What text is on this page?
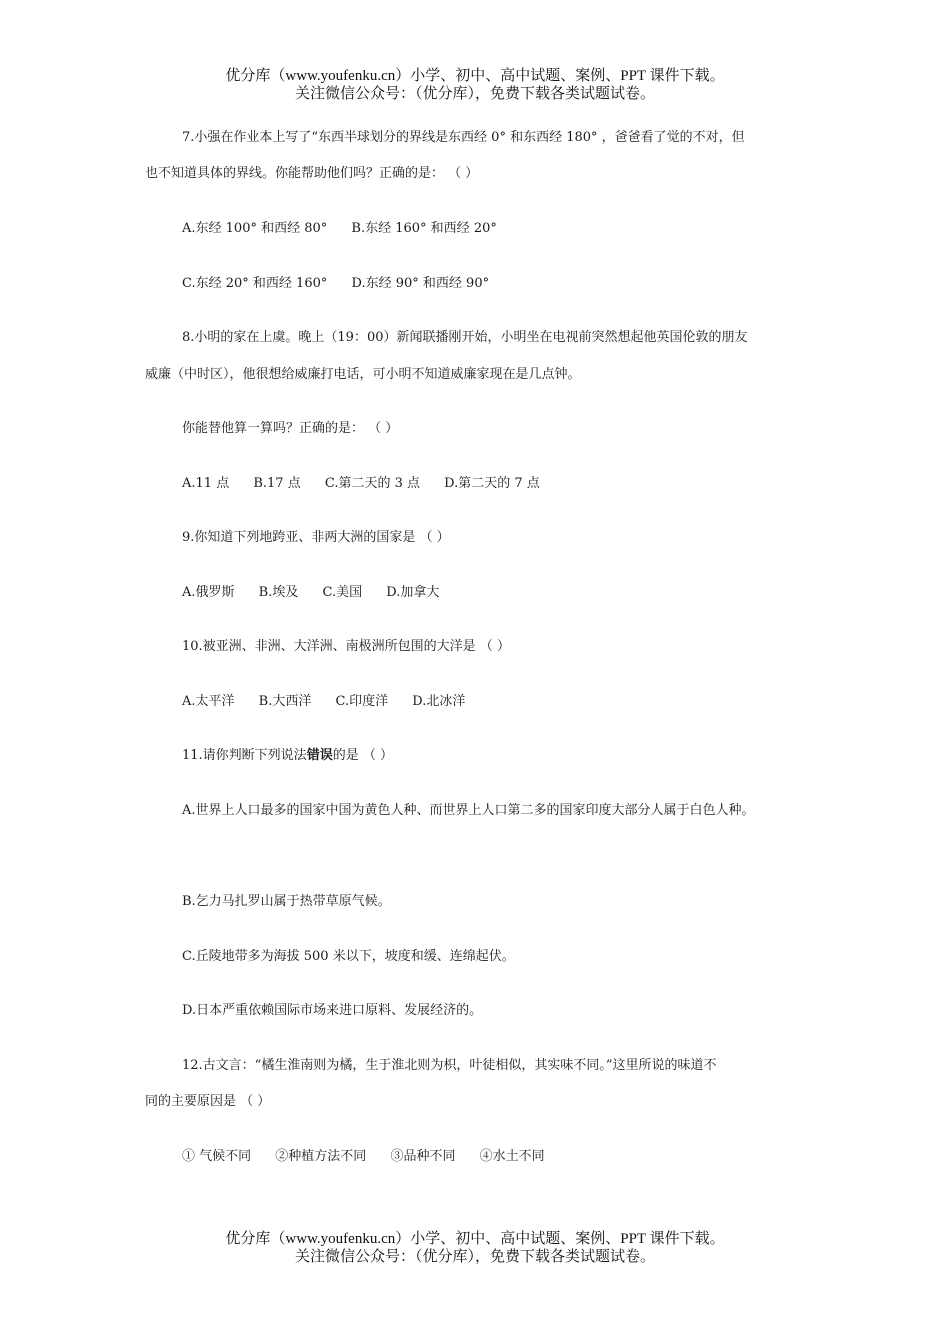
优分库（www.youfenku.cn）小学、初中、高中试题、案例、PPT 课件下载。
关注微信公众号：（优分库），免费下载各类试题试卷。
7.小强在作业本上写了“东西半球划分的界线是东西经 0° 和东西经 180° ，爸爸看了觉的不对，但
也不知道具体的界线。你能帮助他们吗？正确的是： （ ）
A.东经 100° 和西经 80° B.东经 160° 和西经 20°
C.东经 20° 和西经 160° D.东经 90° 和西经 90°
8.小明的家在上虞。晚上（19：00）新闻联播刚开始，小明坐在电视前突然想起他英国伦敦的朋友
威廉（中时区），他很想给威廉打电话，可小明不知道威廉家现在是几点钟。
你能替他算一算吗？正确的是： （ ）
A.11 点 B.17 点 C.第二天的 3 点 D.第二天的 7 点
9.你知道下列地跨亚、非两大洲的国家是 （ ）
A.俄罗斯 B.埃及 C.美国 D.加拿大
10.被亚洲、非洲、大洋洲、南极洲所包围的大洋是 （ ）
A.太平洋 B.大西洋 C.印度洋 D.北冰洋
11.请你判断下列说法错误的是 （ ）
A.世界上人口最多的国家中国为黄色人种、而世界上人口第二多的国家印度大部分人属于白色人种。
B.乞力马扎罗山属于热带草原气候。
C.丘陵地带多为海拔 500 米以下，坡度和缓、连绵起伏。
D.日本严重依赖国际市场来进口原料、发展经济的。
12.古文言：“橘生淮南则为橘，生于淮北则为枳，叶徒相似，其实味不同。”这里所说的味道不
同的主要原因是 （ ）
① 气候不同 ②种植方法不同 ③品种不同 ④水土不同
优分库（www.youfenku.cn）小学、初中、高中试题、案例、PPT 课件下载。
关注微信公众号：（优分库），免费下载各类试题试卷。
